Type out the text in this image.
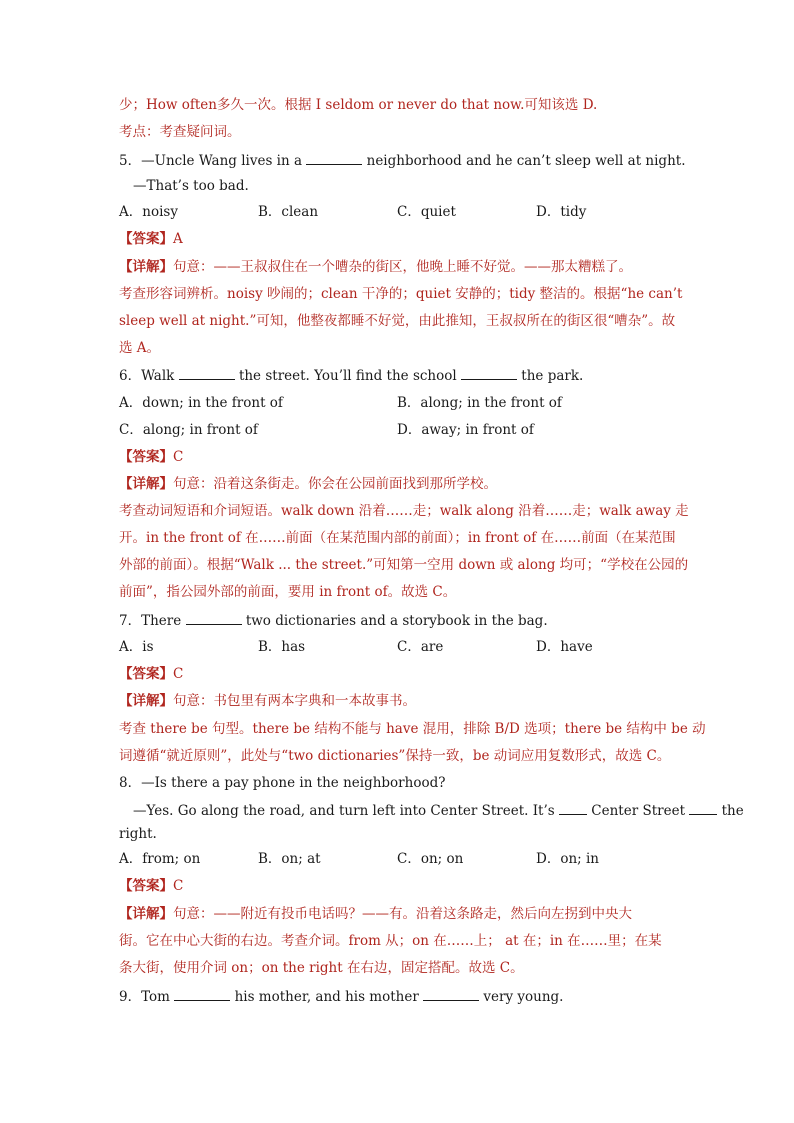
少；How often多久一次。根据 I seldom or never do that now.可知该选 D.
考点：考查疑问词。
5．—Uncle Wang lives in a	neighborhood and he can’t sleep well at night.
—That’s too bad.
A．noisy	B．clean	C．quiet	D．tidy
【答案】A
【详解】句意：——王叔叔住在一个嘈杂的街区，他晚上睡不好觉。——那太糟糕了。
考查形容词辨析。noisy 吵闹的；clean 干净的；quiet 安静的；tidy 整洁的。根据“he can’t
sleep well at night.”可知，他整夜都睡不好觉，由此推知，王叔叔所在的街区很“嘈杂”。故
选 A。
6．Walk	the street. You’ll find the school	the park.
A．down; in the front of	B．along; in the front of
C．along; in front of	D．away; in front of
【答案】C
【详解】句意：沿着这条街走。你会在公园前面找到那所学校。
考查动词短语和介词短语。walk down 沿着……走；walk along 沿着……走；walk away 走
开。in the front of 在……前面（在某范围内部的前面）；in front of 在……前面（在某范围
外部的前面）。根据“Walk ... the street.”可知第一空用 down 或 along 均可；“学校在公园的
前面”，指公园外部的前面，要用 in front of。故选 C。
7．There	two dictionaries and a storybook in the bag.
A．is	B．has	C．are	D．have
【答案】C
【详解】句意：书包里有两本字典和一本故事书。
考查 there be 句型。there be 结构不能与 have 混用，排除 B/D 选项；there be 结构中 be 动
词遵循“就近原则”，此处与“two dictionaries”保持一致，be 动词应用复数形式，故选 C。
8．—Is there a pay phone in the neighborhood?
—Yes. Go along the road, and turn left into Center Street. It’s	Center Street	the
right.
A．from; on	B．on; at	C．on; on	D．on; in
【答案】C
【详解】句意：——附近有投币电话吗？——有。沿着这条路走，然后向左拐到中央大
街。它在中心大街的右边。考查介词。from 从；on 在……上； at 在；in 在……里；在某
条大街，使用介词 on；on the right 在右边，固定搭配。故选 C。
9．Tom	his mother, and his mother	very young.
